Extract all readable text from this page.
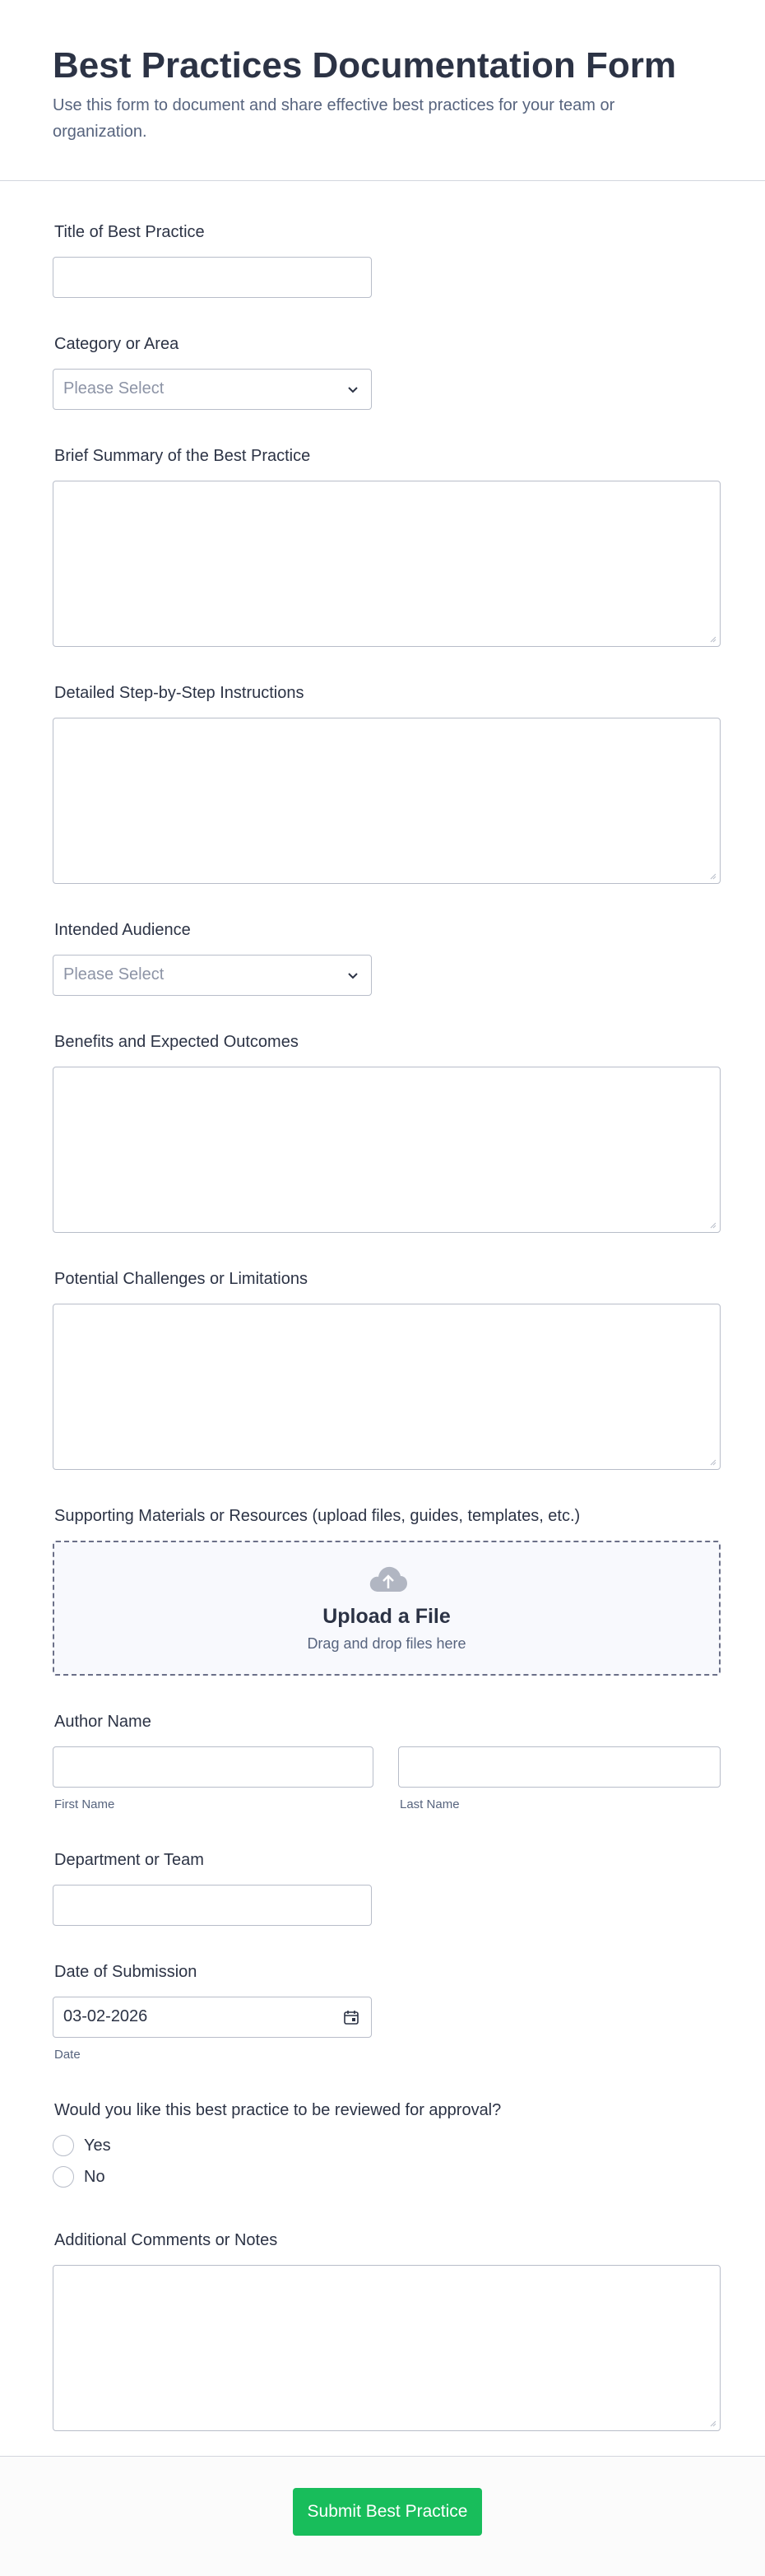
Best Practices Documentation Form

Use this form to document and share effective best practices for your team or organization.

Title of Best Practice
Category or Area
Please Select
Brief Summary of the Best Practice
Detailed Step-by-Step Instructions
Intended Audience
Please Select
Benefits and Expected Outcomes
Potential Challenges or Limitations
Supporting Materials or Resources (upload files, guides, templates, etc.)
Upload a File
Drag and drop files here
Author Name
First Name	Last Name
Department or Team
Date of Submission
03-02-2026
Date
Would you like this best practice to be reviewed for approval?
Yes
No
Additional Comments or Notes
Submit Best Practice
